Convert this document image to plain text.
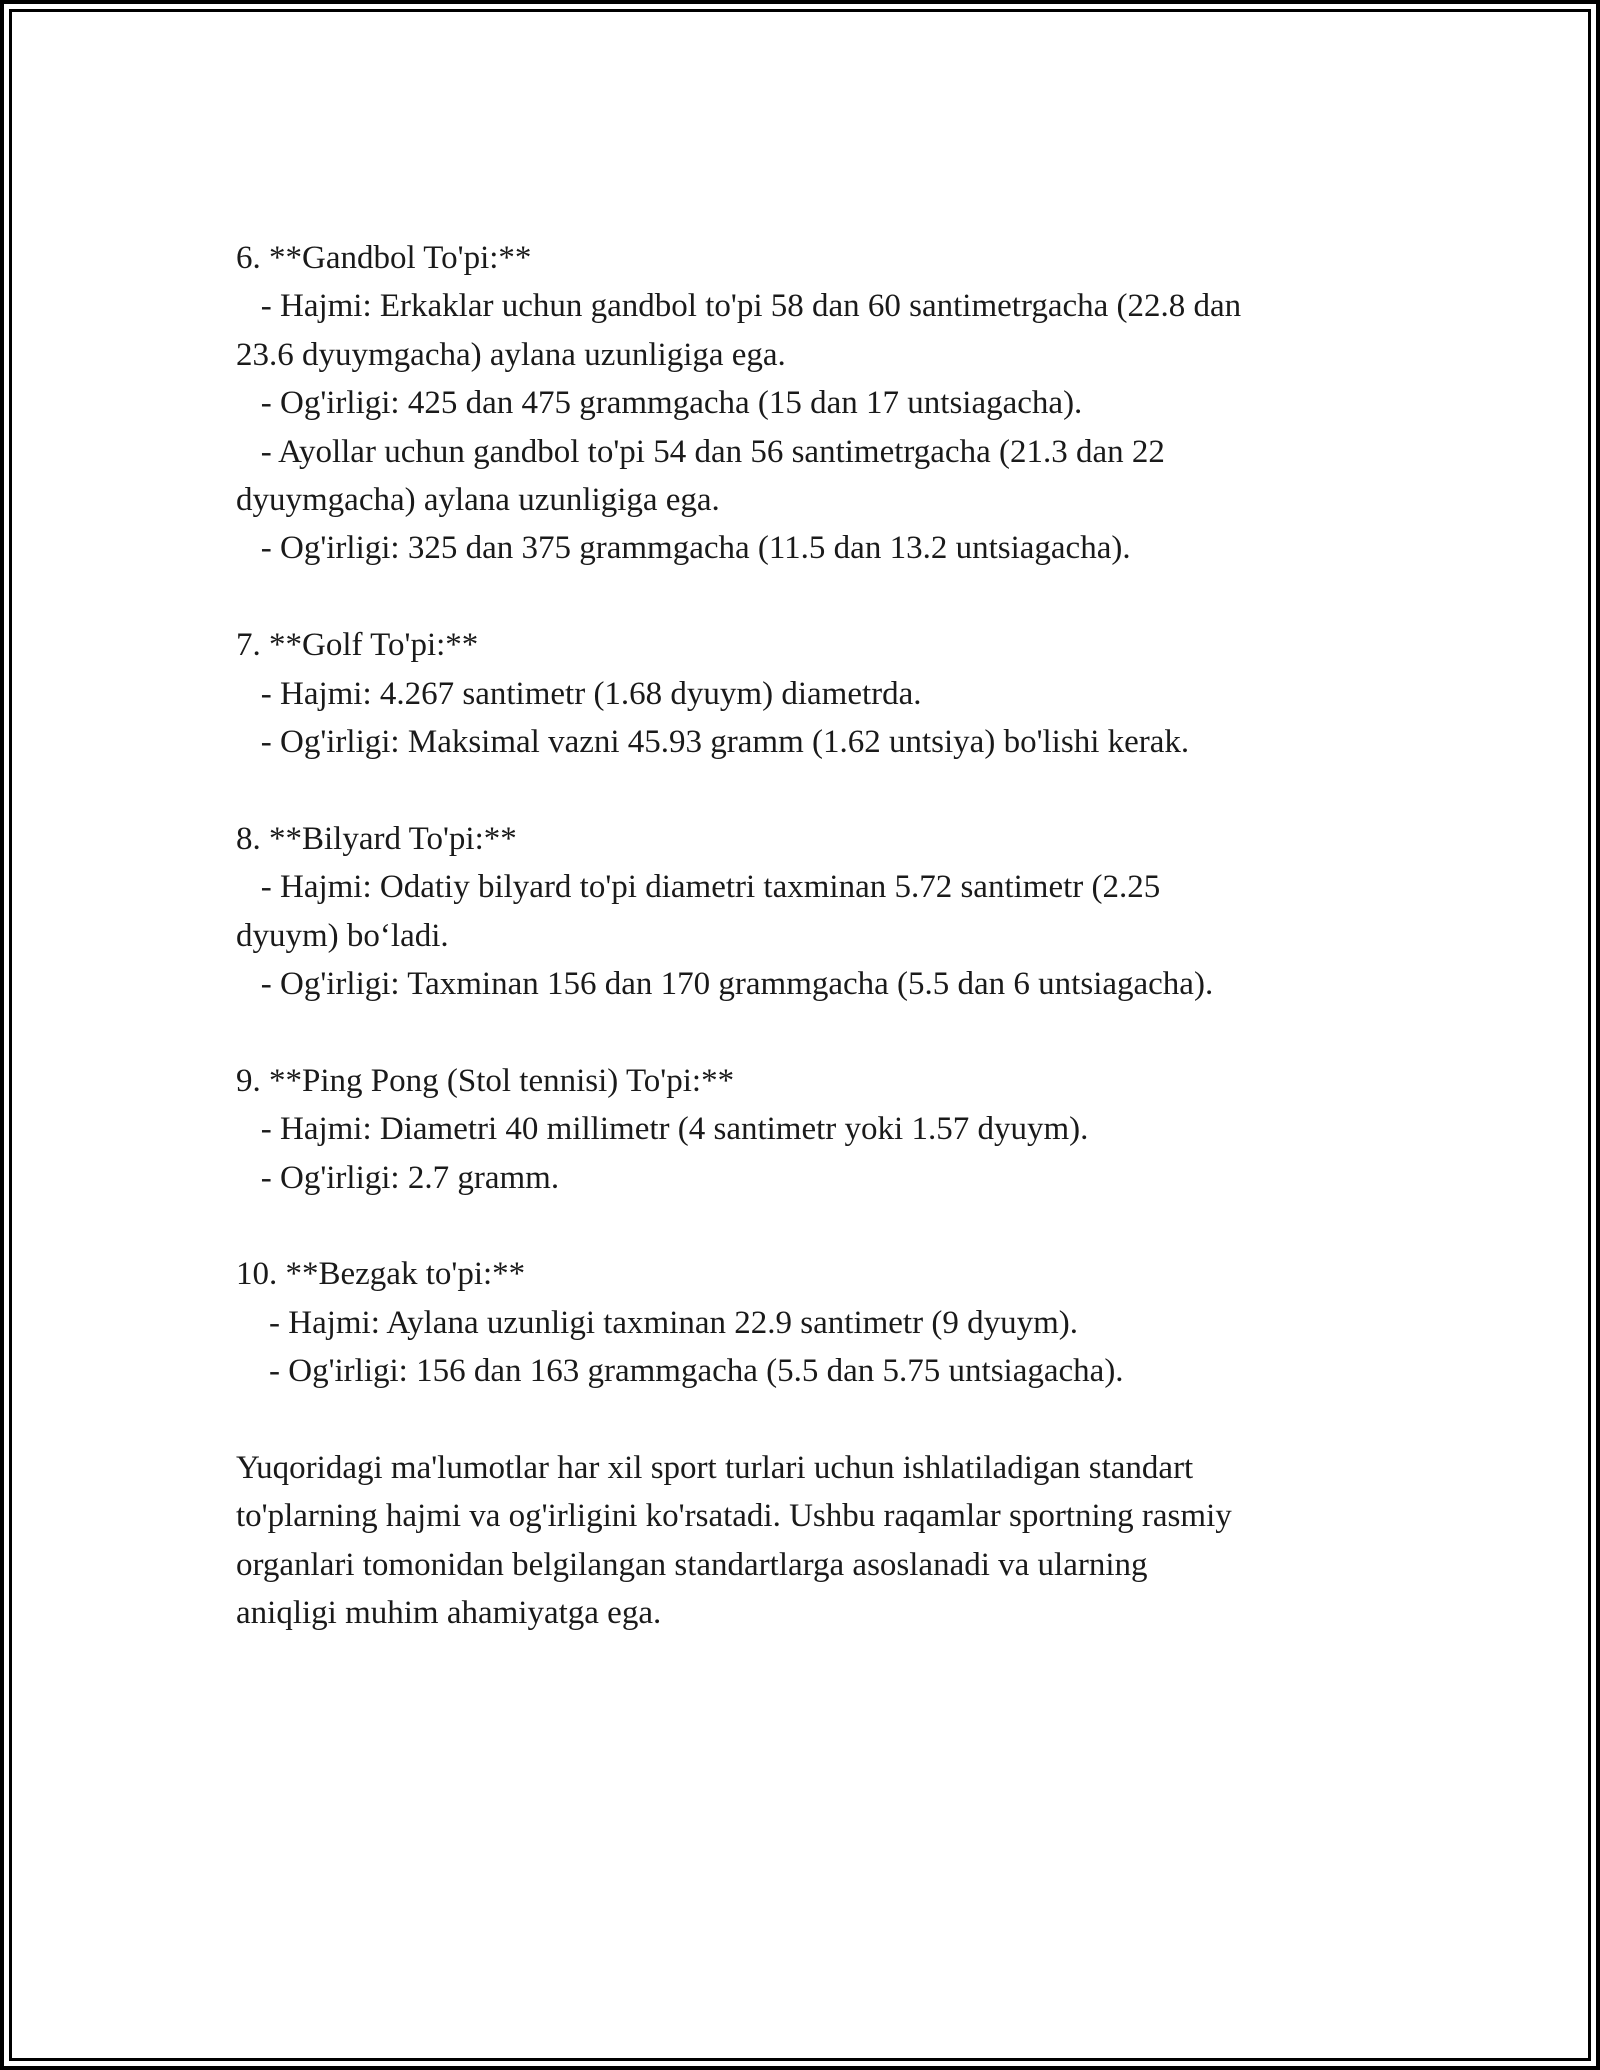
6. **Gandbol To'pi:**

- Hajmi: Erkaklar uchun gandbol to'pi 58 dan 60 santimetrgacha (22.8 dan

23.6 dyuymgacha) aylana uzunligiga ega.

- Og'irligi: 425 dan 475 grammgacha (15 dan 17 untsiagacha).

- Ayollar uchun gandbol to'pi 54 dan 56 santimetrgacha (21.3 dan 22

dyuymgacha) aylana uzunligiga ega.

- Og'irligi: 325 dan 375 grammgacha (11.5 dan 13.2 untsiagacha).

7. **Golf To'pi:**

- Hajmi: 4.267 santimetr (1.68 dyuym) diametrda.

- Og'irligi: Maksimal vazni 45.93 gramm (1.62 untsiya) bo'lishi kerak.

8. **Bilyard To'pi:**

- Hajmi: Odatiy bilyard to'pi diametri taxminan 5.72 santimetr (2.25

dyuym) bo‘ladi.

- Og'irligi: Taxminan 156 dan 170 grammgacha (5.5 dan 6 untsiagacha).

9. **Ping Pong (Stol tennisi) To'pi:**

- Hajmi: Diametri 40 millimetr (4 santimetr yoki 1.57 dyuym).

- Og'irligi: 2.7 gramm.

10. **Bezgak to'pi:**

- Hajmi: Aylana uzunligi taxminan 22.9 santimetr (9 dyuym).

- Og'irligi: 156 dan 163 grammgacha (5.5 dan 5.75 untsiagacha).

Yuqoridagi ma'lumotlar har xil sport turlari uchun ishlatiladigan standart

to'plarning hajmi va og'irligini ko'rsatadi. Ushbu raqamlar sportning rasmiy

organlari tomonidan belgilangan standartlarga asoslanadi va ularning

aniqligi muhim ahamiyatga ega.
